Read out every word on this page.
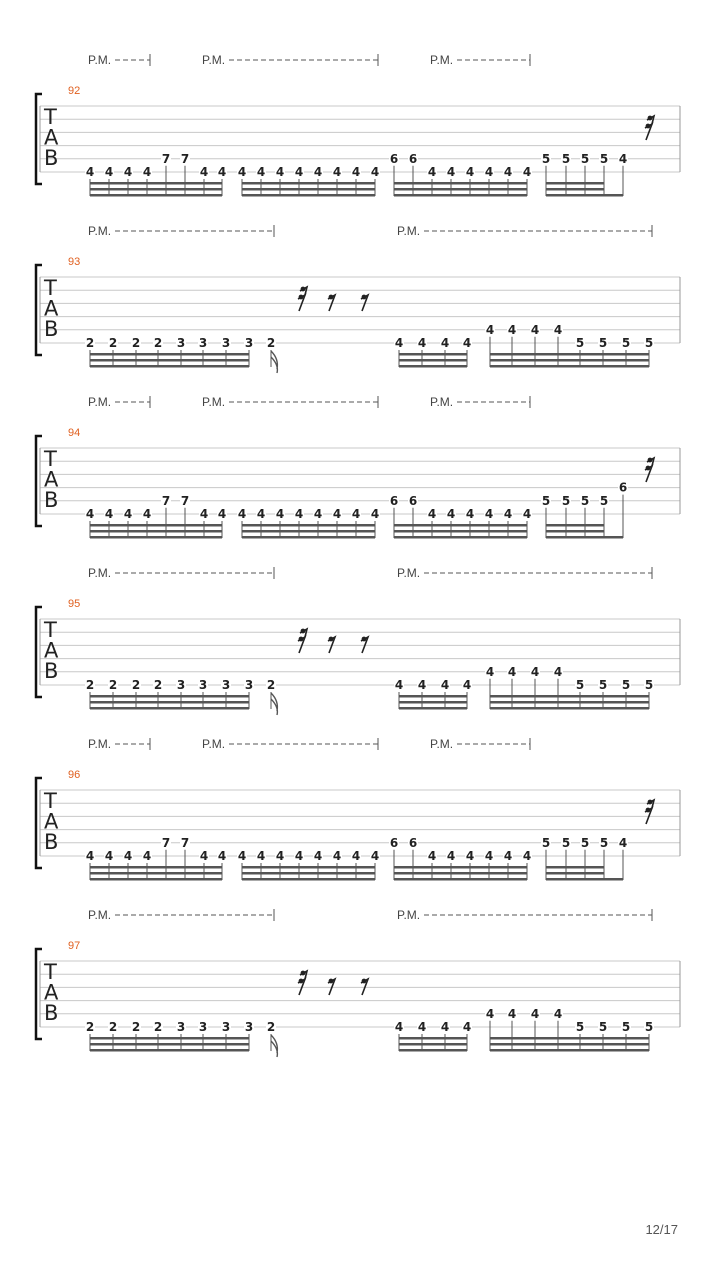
P.M.	P.M.	P.M.
92
T
A
B
4 4 4 4
7 7
4 4 4 4 4 4 4 4 4 4
6 6
4 4 4 4 4 4
5 5 5 5 4
P.M.	P.M.
93
T
A
B
2 2 2 2 3 3 3 3 2	4 4 4 4
4 4 4 4
5 5 5 5
P.M.	P.M.	P.M.
94
T
A
B
4 4 4 4
7 7
4 4 4 4 4 4 4 4 4 4
6 6
4 4 4 4 4 4
5 5 5 5
6
P.M.	P.M.
95
T
A
B
2 2 2 2 3 3 3 3 2	4 4 4 4
4 4 4 4
5 5 5 5
P.M.	P.M.	P.M.
96
T
A
B
4 4 4 4
7 7
4 4 4 4 4 4 4 4 4 4
6 6
4 4 4 4 4 4
5 5 5 5 4
P.M.	P.M.
97
T
A
B
2 2 2 2 3 3 3 3 2	4 4 4 4
4 4 4 4
5 5 5 5
12/17
